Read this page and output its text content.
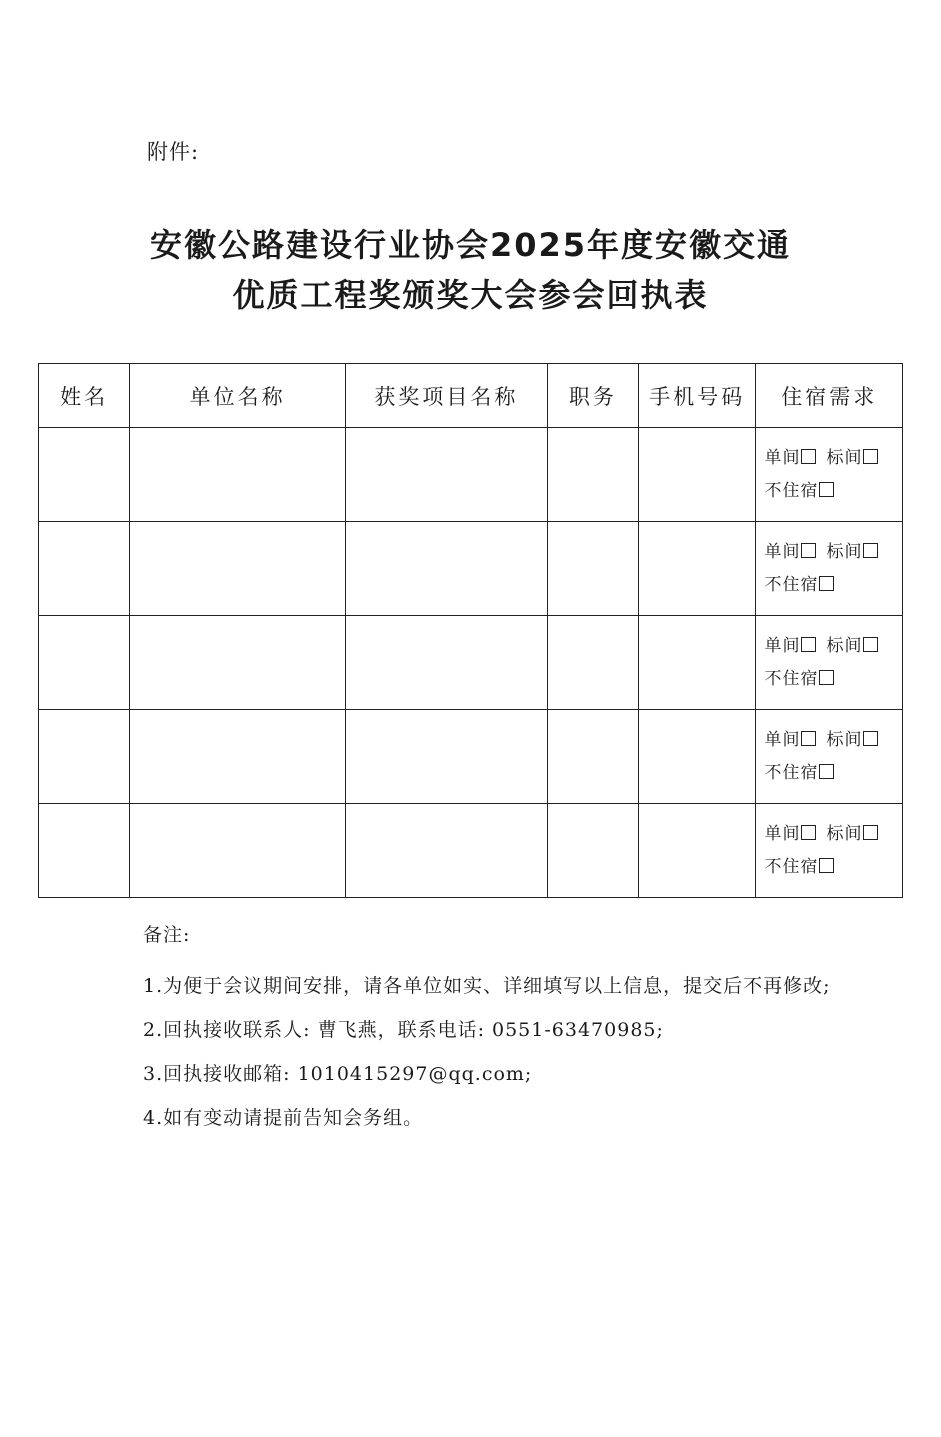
附件:
安徽公路建设行业协会2025年度安徽交通
优质工程奖颁奖大会参会回执表
姓名	单位名称	获奖项目名称	职务	手机号码	住宿需求

					单间 标间
不住宿

					单间 标间
不住宿

					单间 标间
不住宿

					单间 标间
不住宿

					单间 标间
不住宿
备注:
1.为便于会议期间安排，请各单位如实、详细填写以上信息，提交后不再修改;
2.回执接收联系人: 曹飞燕，联系电话: 0551-63470985;
3.回执接收邮箱: 1010415297@qq.com;
4.如有变动请提前告知会务组。
